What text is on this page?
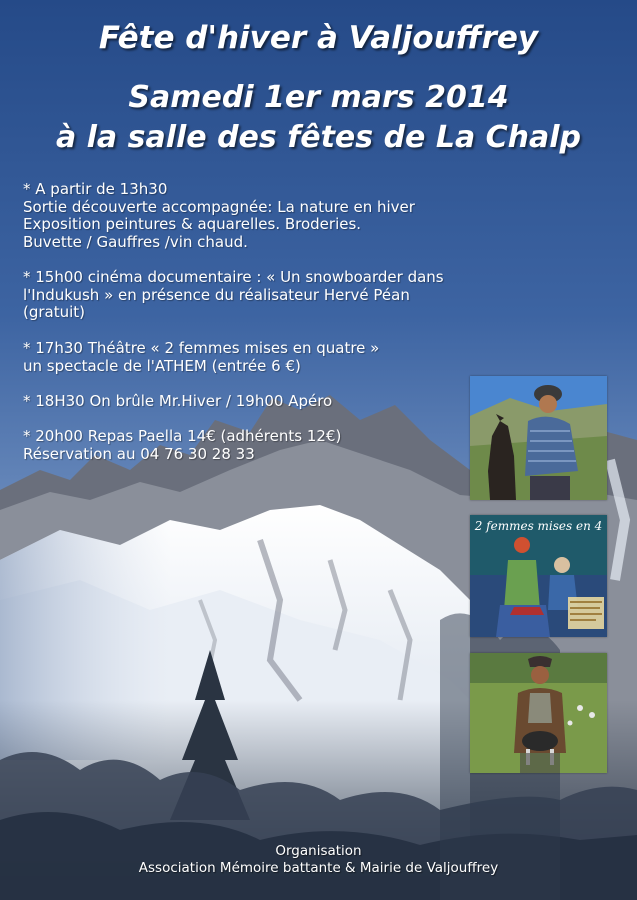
Fête d'hiver à Valjouffrey
Samedi 1er mars 2014
à la salle des fêtes de La Chalp
* A partir de 13h30
Sortie découverte accompagnée: La nature en hiver
Exposition peintures & aquarelles. Broderies.
Buvette / Gauffres /vin chaud.
* 15h00 cinéma documentaire : « Un snowboarder dans
l'Indukush » en présence du réalisateur Hervé Péan
(gratuit)
* 17h30 Théâtre « 2 femmes mises en quatre »
un spectacle de l'ATHEM (entrée 6 €)
* 18H30 On brûle Mr.Hiver / 19h00 Apéro
* 20h00 Repas Paella 14€ (adhérents 12€)
Réservation au 04 76 30 28 33
2 femmes mises en 4
Organisation
Association Mémoire battante & Mairie de Valjouffrey
